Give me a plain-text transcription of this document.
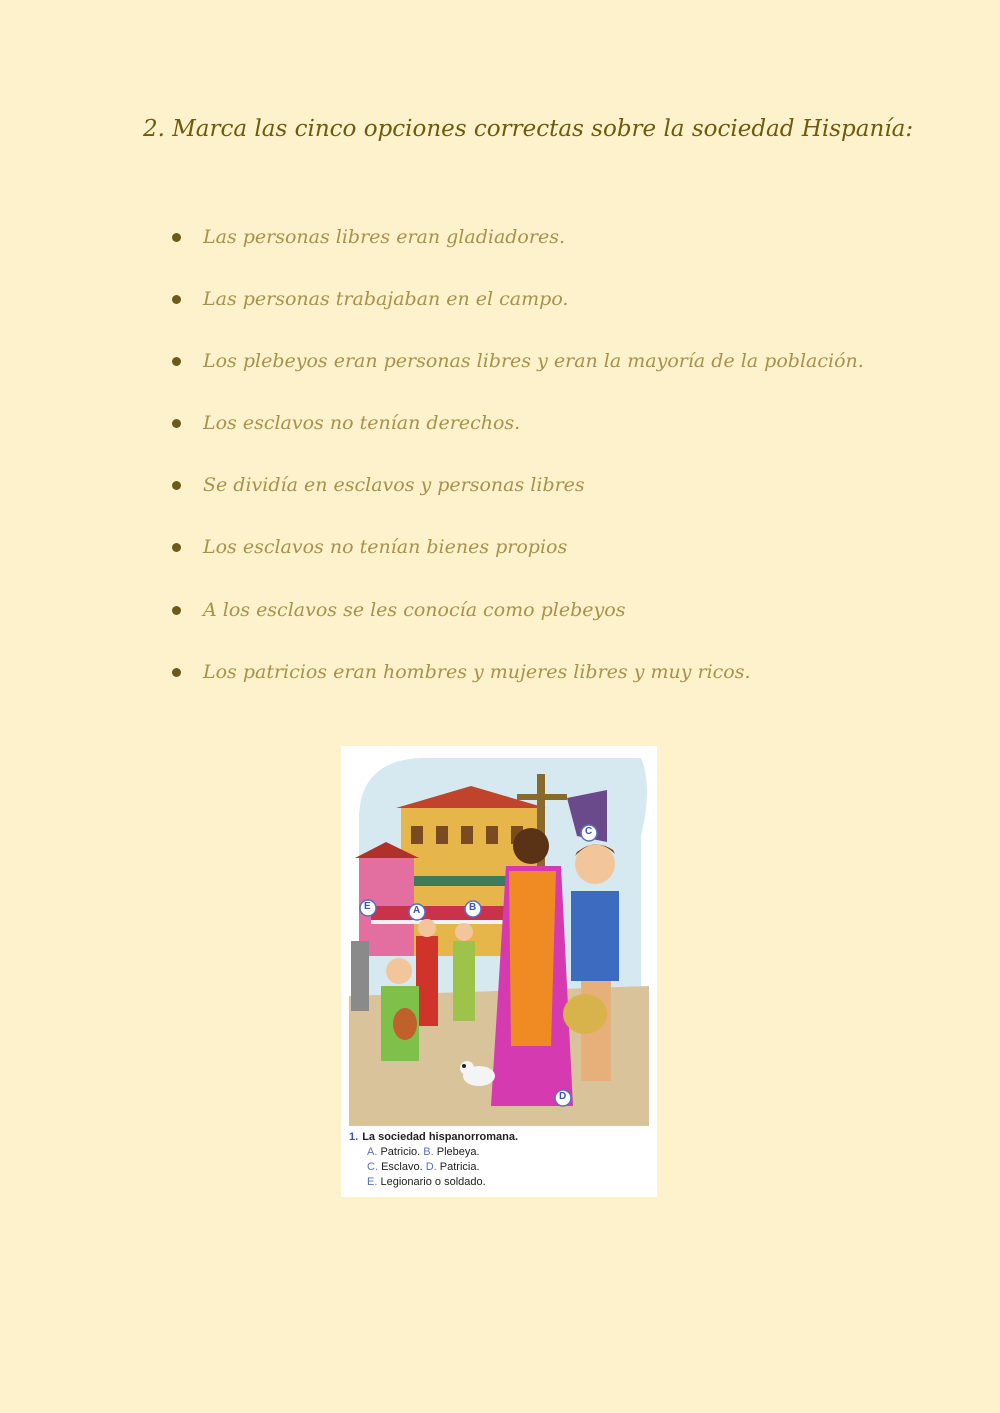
2. Marca las cinco opciones correctas sobre la sociedad Hispanía:
Las personas libres eran gladiadores.
Las personas trabajaban en el campo.
Los plebeyos eran personas libres y eran la mayoría de la población.
Los esclavos no tenían derechos.
Se dividía en esclavos y personas libres
Los esclavos no tenían bienes propios
A los esclavos se les conocía como plebeyos
Los patricios eran hombres y mujeres libres y muy ricos.
A	B
C
D
E
1. La sociedad hispanorromana.
A. Patricio. B. Plebeya.
C. Esclavo. D. Patricia.
E. Legionario o soldado.
